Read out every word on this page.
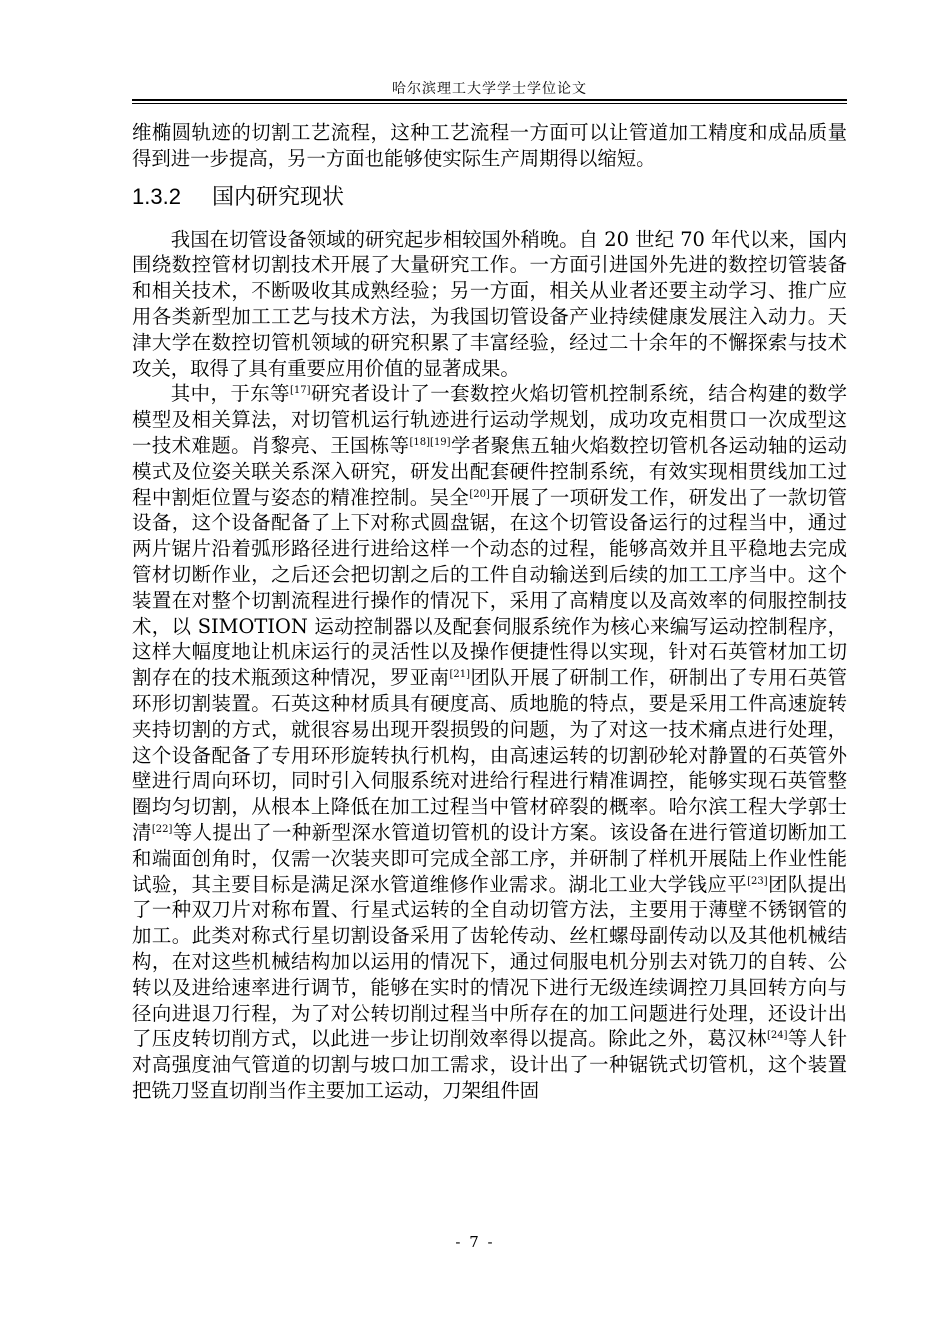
哈尔滨理工大学学士学位论文

维椭圆轨迹的切割工艺流程，这种工艺流程一方面可以让管道加工精度和成品质量得到进一步提高，另一方面也能够使实际生产周期得以缩短。

1.3.2 国内研究现状

我国在切管设备领域的研究起步相较国外稍晚。自 20 世纪 70 年代以来，国内围绕数控管材切割技术开展了大量研究工作。一方面引进国外先进的数控切管装备和相关技术，不断吸收其成熟经验；另一方面，相关从业者还要主动学习、推广应用各类新型加工工艺与技术方法，为我国切管设备产业持续健康发展注入动力。天津大学在数控切管机领域的研究积累了丰富经验，经过二十余年的不懈探索与技术攻关，取得了具有重要应用价值的显著成果。

其中，于东等[17]研究者设计了一套数控火焰切管机控制系统，结合构建的数学模型及相关算法，对切管机运行轨迹进行运动学规划，成功攻克相贯口一次成型这一技术难题。肖黎亮、王国栋等[18][19]学者聚焦五轴火焰数控切管机各运动轴的运动模式及位姿关联关系深入研究，研发出配套硬件控制系统，有效实现相贯线加工过程中割炬位置与姿态的精准控制。吴全[20]开展了一项研发工作，研发出了一款切管设备，这个设备配备了上下对称式圆盘锯，在这个切管设备运行的过程当中，通过两片锯片沿着弧形路径进行进给这样一个动态的过程，能够高效并且平稳地去完成管材切断作业，之后还会把切割之后的工件自动输送到后续的加工工序当中。这个装置在对整个切割流程进行操作的情况下，采用了高精度以及高效率的伺服控制技术，以 SIMOTION 运动控制器以及配套伺服系统作为核心来编写运动控制程序，这样大幅度地让机床运行的灵活性以及操作便捷性得以实现，针对石英管材加工切割存在的技术瓶颈这种情况，罗亚南[21]团队开展了研制工作，研制出了专用石英管环形切割装置。石英这种材质具有硬度高、质地脆的特点，要是采用工件高速旋转夹持切割的方式，就很容易出现开裂损毁的问题，为了对这一技术痛点进行处理，这个设备配备了专用环形旋转执行机构，由高速运转的切割砂轮对静置的石英管外壁进行周向环切，同时引入伺服系统对进给行程进行精准调控，能够实现石英管整圈均匀切割，从根本上降低在加工过程当中管材碎裂的概率。哈尔滨工程大学郭士清[22]等人提出了一种新型深水管道切管机的设计方案。该设备在进行管道切断加工和端面创角时，仅需一次装夹即可完成全部工序，并研制了样机开展陆上作业性能试验，其主要目标是满足深水管道维修作业需求。湖北工业大学钱应平[23]团队提出了一种双刀片对称布置、行星式运转的全自动切管方法，主要用于薄壁不锈钢管的加工。此类对称式行星切割设备采用了齿轮传动、丝杠螺母副传动以及其他机械结构，在对这些机械结构加以运用的情况下，通过伺服电机分别去对铣刀的自转、公转以及进给速率进行调节，能够在实时的情况下进行无级连续调控刀具回转方向与径向进退刀行程，为了对公转切削过程当中所存在的加工问题进行处理，还设计出了压皮转切削方式，以此进一步让切削效率得以提高。除此之外，葛汉林[24]等人针对高强度油气管道的切割与坡口加工需求，设计出了一种锯铣式切管机，这个装置把铣刀竖直切削当作主要加工运动，刀架组件固

- 7 -
